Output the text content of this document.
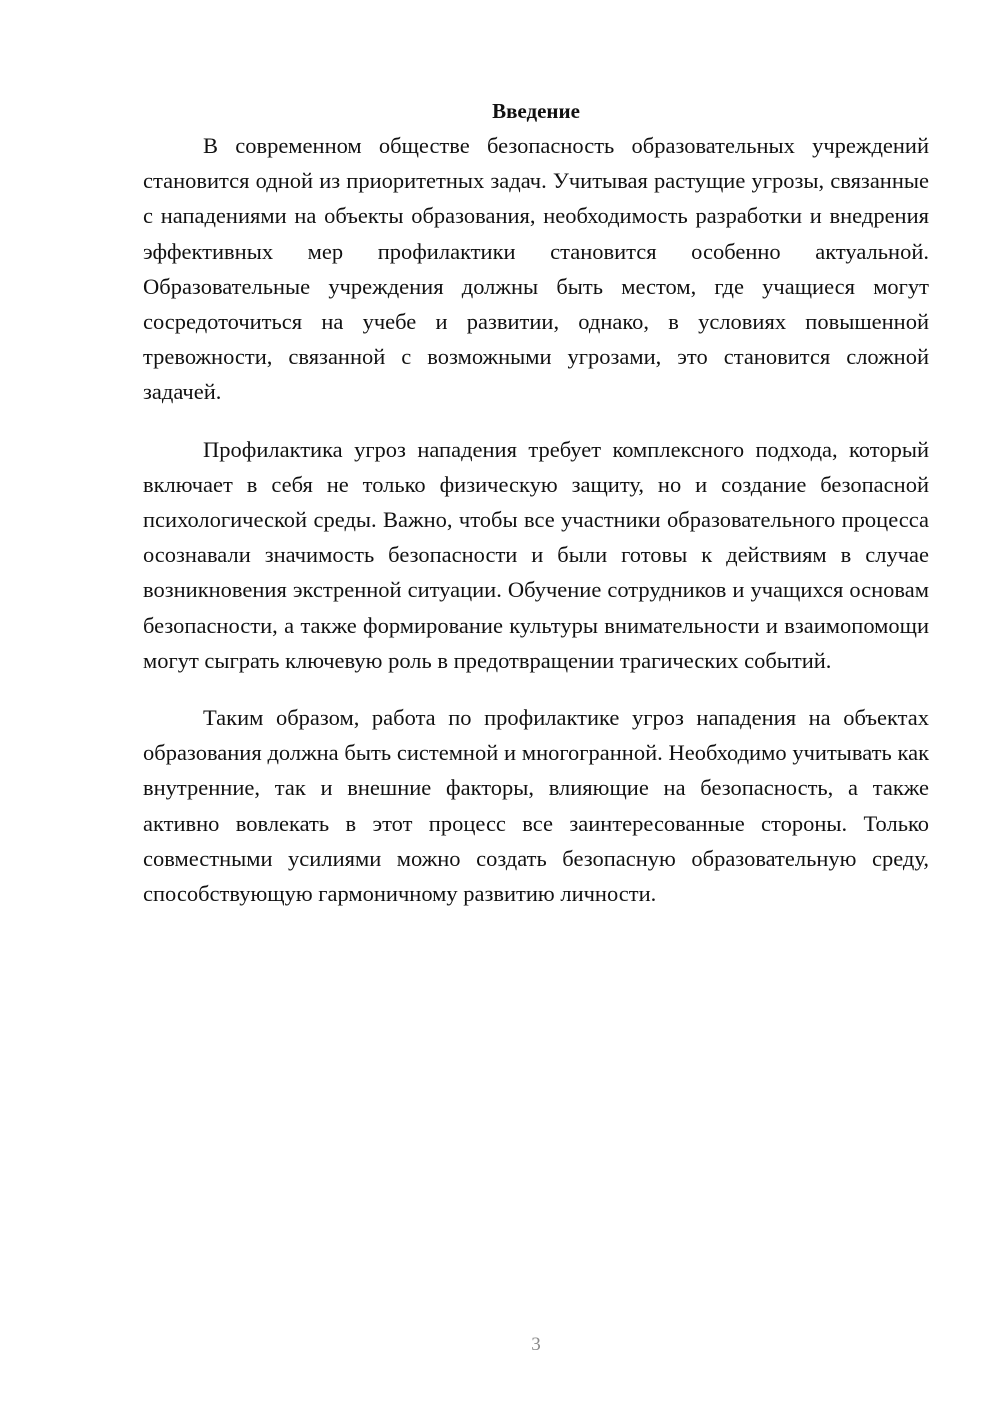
Введение

В современном обществе безопасность образовательных учреждений становится одной из приоритетных задач. Учитывая растущие угрозы, связанные с нападениями на объекты образования, необходимость разработки и внедрения эффективных мер профилактики становится особенно актуальной. Образовательные учреждения должны быть местом, где учащиеся могут сосредоточиться на учебе и развитии, однако, в условиях повышенной тревожности, связанной с возможными угрозами, это становится сложной задачей.

Профилактика угроз нападения требует комплексного подхода, который включает в себя не только физическую защиту, но и создание безопасной психологической среды. Важно, чтобы все участники образовательного процесса осознавали значимость безопасности и были готовы к действиям в случае возникновения экстренной ситуации. Обучение сотрудников и учащихся основам безопасности, а также формирование культуры внимательности и взаимопомощи могут сыграть ключевую роль в предотвращении трагических событий.

Таким образом, работа по профилактике угроз нападения на объектах образования должна быть системной и многогранной. Необходимо учитывать как внутренние, так и внешние факторы, влияющие на безопасность, а также активно вовлекать в этот процесс все заинтересованные стороны. Только совместными усилиями можно создать безопасную образовательную среду, способствующую гармоничному развитию личности.

3
